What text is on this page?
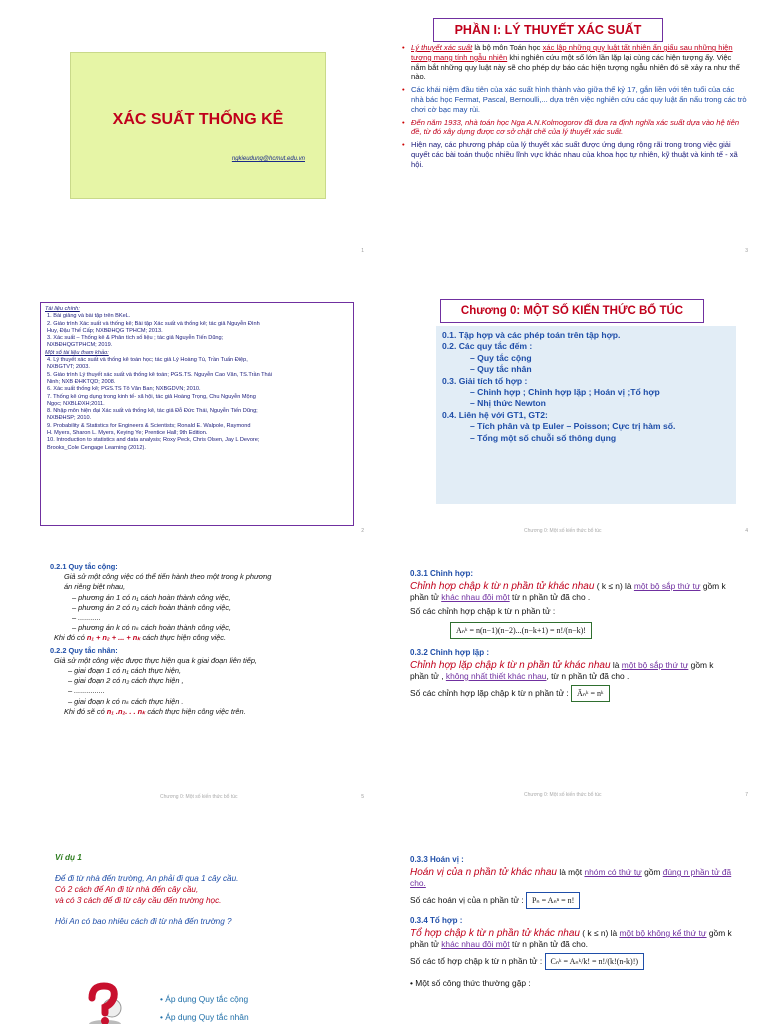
XÁC SUẤT THỐNG KÊ
ngkieudung@hcmut.edu.vn
1
PHẦN I: LÝ THUYẾT XÁC SUẤT
• Lý thuyết xác suất là bộ môn Toán học xác lập những quy luật tất nhiên ẩn giấu sau những hiện tượng mang tính ngẫu nhiên khi nghiên cứu một số lớn lần lặp lại cùng các hiện tượng ấy. Việc nắm bắt những quy luật này sẽ cho phép dự báo các hiện tượng ngẫu nhiên đó sẽ xảy ra như thế nào.
• Các khái niệm đầu tiên của xác suất hình thành vào giữa thế kỷ 17, gắn liền với tên tuổi của các nhà bác học Fermat, Pascal, Bernoulli,... dựa trên việc nghiên cứu các quy luật ẩn nấu trong các trò chơi cờ bạc may rủi.
• Đến năm 1933, nhà toán học Nga A.N.Kolmogorov đã đưa ra định nghĩa xác suất dựa vào hệ tiên đề, từ đó xây dựng được cơ sở chặt chẽ của lý thuyết xác suất.
• Hiện nay, các phương pháp của lý thuyết xác suất được ứng dụng rộng rãi trong trong việc giải quyết các bài toán thuộc nhiều lĩnh vực khác nhau của khoa học tự nhiên, kỹ thuật và kinh tế - xã hội.
3
Tài liệu chính:
1. Bài giảng và bài tập trên BKeL.
2. Giáo trình Xác suất và thống kê; Bài tập Xác suất và thống kê; tác giả Nguyễn Đình
Huy, Đậu Thế Cấp; NXBĐHQG TPHCM; 2013.
3. Xác suất – Thống kê & Phân tích số liệu ; tác giả Nguyễn Tiến Dũng;
NXBĐHQGTPHCM; 2019.
Một số tài liệu tham khảo:
4. Lý thuyết xác suất và thống kê toán học; tác giả Lý Hoàng Tú, Trần Tuấn Điệp,
NXBGTVT; 2003.
5. Giáo trình Lý thuyết xác suất và thống kê toán; PGS.TS. Nguyễn Cao Văn, TS.Trần Thái
Ninh; NXB ĐHKTQD; 2008.
6. Xác suất thống kê; PGS.TS Tô Văn Ban; NXBGDVN; 2010.
7. Thống kê ứng dụng trong kinh tế- xã hội, tác giả Hoàng Trọng, Chu Nguyễn Mộng
Ngọc; NXBLĐXH;2011.
8. Nhập môn hiện đại Xác suất và thống kê, tác giả Đỗ Đức Thái, Nguyễn Tiến Dũng;
NXBĐHSP; 2010.
9. Probability & Statistics for Engineers & Scientists; Ronald E. Walpole, Raymond
H. Myers, Sharon L. Myers, Keying Ye; Prentice Hall; 9th Edition.
10. Introduction to statistics and data analysis; Roxy Peck, Chris Olsen, Jay L Devore;
Brooks_Cole Cengage Learning (2012).
2
Chương 0: MỘT SỐ KIẾN THỨC BỔ TÚC
0.1. Tập hợp và các phép toán trên tập hợp.
0.2. Các quy tắc đếm :
– Quy tắc cộng
– Quy tắc nhân
0.3. Giải tích tổ hợp :
– Chỉnh hợp ; Chỉnh hợp lặp ; Hoán vị ;Tổ hợp
– Nhị thức Newton
0.4. Liên hệ với GT1, GT2:
– Tích phân và tp Euler – Poisson; Cực trị hàm số.
– Tổng một số chuỗi số thông dụng
Chương 0: Một số kiến thức bổ túc	4
0.2.1 Quy tắc cộng:
Giả sử một công việc có thể tiến hành theo một trong k phương
án riêng biệt nhau,
– phương án 1 có n₁ cách hoàn thành công việc,
– phương án 2 có n₂ cách hoàn thành công việc,
– ...........
– phương án k có nₖ cách hoàn thành công việc,
Khi đó có n₁ + n₂ + ... + nₖ cách thực hiện công việc.
0.2.2 Quy tắc nhân:
Giả sử một công việc được thực hiện qua k giai đoạn liên tiếp,
– giai đoạn 1 có n₁ cách thực hiện,
– giai đoạn 2 có n₂ cách thực hiện ,
– ...............
– giai đoạn k có nₖ cách thực hiện .
Khi đó sẽ có n₁ .n₂. . . nₖ cách thực hiện công việc trên.
Chương 0: Một số kiến thức bổ túc	5
0.3.1 Chỉnh hợp:
Chỉnh hợp chập k từ n phần tử khác nhau ( k ≤ n) là một bộ sắp thứ tự gồm k phần tử khác nhau đôi một từ n phần tử đã cho .
Số các chỉnh hợp chập k từ n phần tử :
Aₙᵏ = n(n−1)(n−2)...(n−k+1) = n!/(n−k)!
0.3.2 Chỉnh hợp lặp :
Chỉnh hợp lặp chập k từ n phần tử khác nhau là một bộ sắp thứ tự gồm k phần tử , không nhất thiết khác nhau, từ n phần tử đã cho .
Số các chỉnh hợp lặp chập k từ n phần tử : Āₙᵏ = nᵏ
Chương 0: Một số kiến thức bổ túc	7
Ví dụ 1
Để đi từ nhà đến trường, An phải đi qua 1 cây cầu.
Có 2 cách để An đi từ nhà đến cây cầu,
và có 3 cách để đi từ cây cầu đến trường học.
Hỏi An có bao nhiêu cách đi từ nhà đến trường ?
• Áp dụng Quy tắc cộng
• Áp dụng Quy tắc nhân
0.3.3 Hoán vị :
Hoán vị của n phần tử khác nhau là một nhóm có thứ tự gồm đúng n phần tử đã cho.
Số các hoán vị của n phần tử : Pₙ = Aₙⁿ = n!
0.3.4 Tổ hợp :
Tổ hợp chập k từ n phần tử khác nhau ( k ≤ n) là một bộ không kể thứ tự gồm k phần tử khác nhau đôi một từ n phần tử đã cho.
Số các tổ hợp chập k từ n phần tử : Cₙᵏ = Aₙᵏ/k! = n!/(k!(n-k)!)
• Một số công thức thường gặp :
